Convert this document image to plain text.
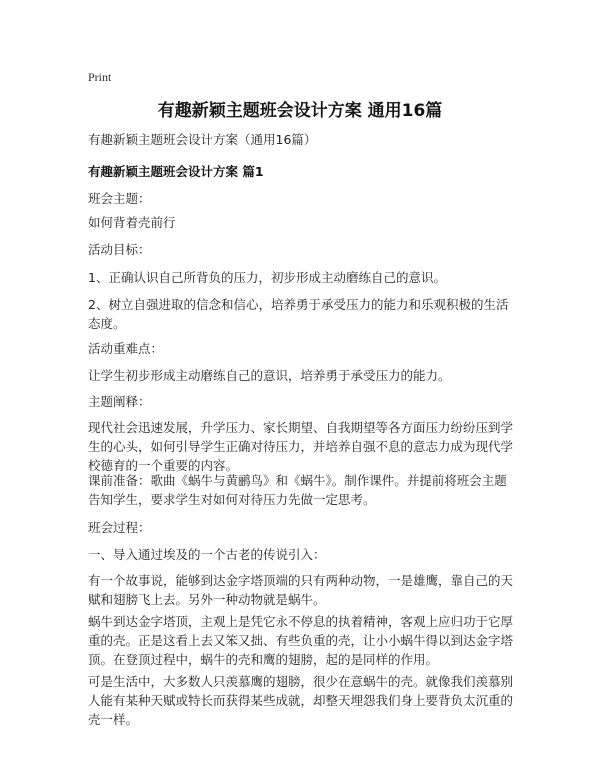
Print
有趣新颖主题班会设计方案 通用16篇
有趣新颖主题班会设计方案（通用16篇）
有趣新颖主题班会设计方案 篇1
班会主题：
如何背着壳前行
活动目标：
1、正确认识自己所背负的压力，初步形成主动磨练自己的意识。
2、树立自强进取的信念和信心，培养勇于承受压力的能力和乐观积极的生活态度。
活动重难点：
让学生初步形成主动磨练自己的意识，培养勇于承受压力的能力。
主题阐释：
现代社会迅速发展，升学压力、家长期望、自我期望等各方面压力纷纷压到学生的心头，如何引导学生正确对待压力，并培养自强不息的意志力成为现代学校德育的一个重要的内容。
课前准备：歌曲《蜗牛与黄鹂鸟》和《蜗牛》。制作课件。并提前将班会主题告知学生，要求学生对如何对待压力先做一定思考。
班会过程：
一、导入通过埃及的一个古老的传说引入：
有一个故事说，能够到达金字塔顶端的只有两种动物，一是雄鹰，靠自己的天赋和翅膀飞上去。另外一种动物就是蜗牛。
蜗牛到达金字塔顶，主观上是凭它永不停息的执着精神，客观上应归功于它厚重的壳。正是这看上去又笨又拙、有些负重的壳，让小小蜗牛得以到达金字塔顶。在登顶过程中，蜗牛的壳和鹰的翅膀，起的是同样的作用。
可是生活中，大多数人只羡慕鹰的翅膀，很少在意蜗牛的壳。就像我们羡慕别人能有某种天赋或特长而获得某些成就，却整天埋怨我们身上要背负太沉重的壳一样。
